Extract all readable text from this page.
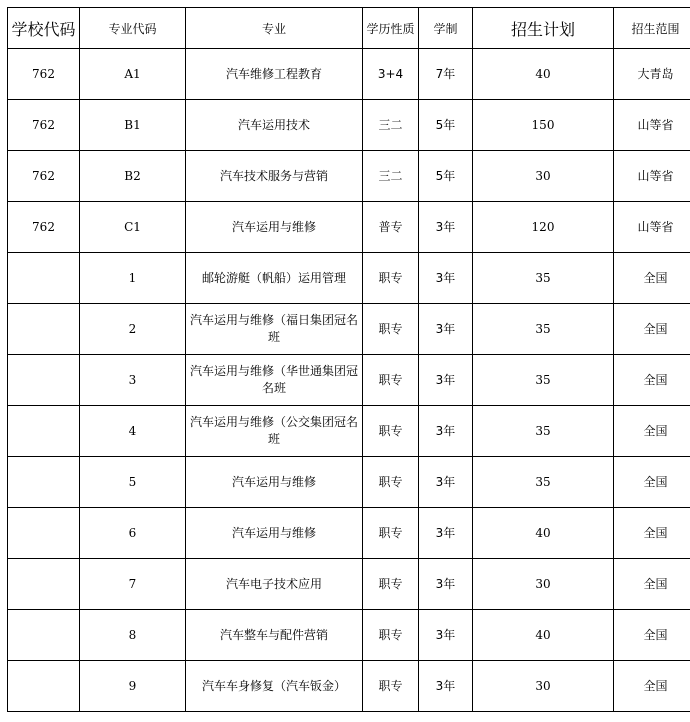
学校代码	专业代码	专业	学历性质	学制	招生计划	招生范围
762	A1	汽车维修工程教育	3+4	7年	40	大青岛
762	B1	汽车运用技术	三二	5年	150	山等省
762	B2	汽车技术服务与营销	三二	5年	30	山等省
762	C1	汽车运用与维修	普专	3年	120	山等省
	1	邮轮游艇（帆船）运用管理	职专	3年	35	全国
	2	汽车运用与维修（福日集团冠名班	职专	3年	35	全国
	3	汽车运用与维修（华世通集团冠名班	职专	3年	35	全国
	4	汽车运用与维修（公交集团冠名班	职专	3年	35	全国
	5	汽车运用与维修	职专	3年	35	全国
	6	汽车运用与维修	职专	3年	40	全国
	7	汽车电子技术应用	职专	3年	30	全国
	8	汽车整车与配件营销	职专	3年	40	全国
	9	汽车车身修复（汽车钣金）	职专	3年	30	全国
